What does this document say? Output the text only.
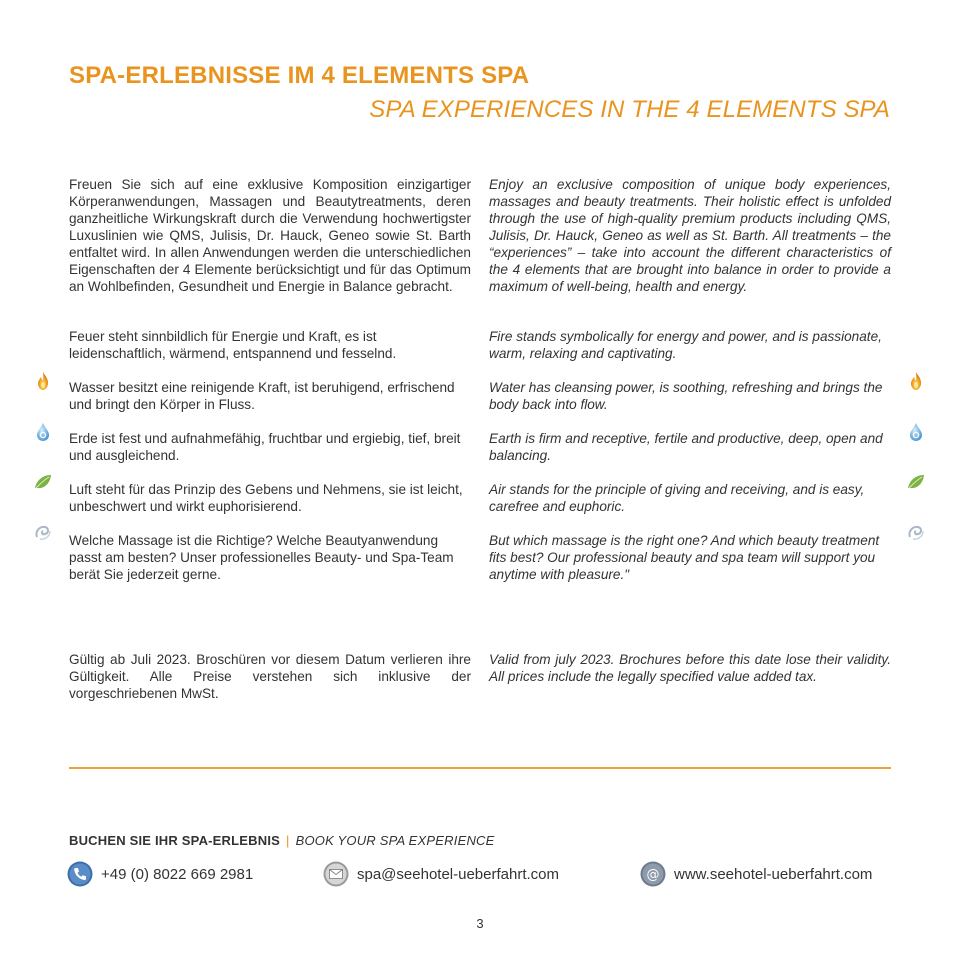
SPA-ERLEBNISSE IM 4 ELEMENTS SPA
SPA EXPERIENCES IN THE 4 ELEMENTS SPA

Freuen Sie sich auf eine exklusive Komposition einzigartiger Körperanwendungen, Massagen und Beautytreatments, deren ganzheitliche Wirkungskraft durch die Verwendung hochwertigster Luxuslinien wie QMS, Julisis, Dr. Hauck, Geneo sowie St. Barth entfaltet wird. In allen Anwendungen werden die unterschiedlichen Eigenschaften der 4 Elemente berücksichtigt und für das Optimum an Wohlbefinden, Gesundheit und Energie in Balance gebracht.

Feuer steht sinnbildlich für Energie und Kraft, es ist leidenschaftlich, wärmend, entspannend und fesselnd.

Wasser besitzt eine reinigende Kraft, ist beruhigend, erfrischend und bringt den Körper in Fluss.

Erde ist fest und aufnahmefähig, fruchtbar und ergiebig, tief, breit und ausgleichend.

Luft steht für das Prinzip des Gebens und Nehmens, sie ist leicht, unbeschwert und wirkt euphorisierend.

Welche Massage ist die Richtige? Welche Beautyanwendung passt am besten? Unser professionelles Beauty- und Spa-Team berät Sie jederzeit gerne.

Gültig ab Juli 2023. Broschüren vor diesem Datum verlieren ihre Gültigkeit. Alle Preise verstehen sich inklusive der vorgeschriebenen MwSt.

Enjoy an exclusive composition of unique body experiences, massages and beauty treatments. Their holistic effect is unfolded through the use of high-quality premium products including QMS, Julisis, Dr. Hauck, Geneo as well as St. Barth. All treatments – the “experiences” – take into account the different characteristics of the 4 elements that are brought into balance in order to provide a maximum of well-being, health and energy.

Fire stands symbolically for energy and power, and is passionate, warm, relaxing and captivating.

Water has cleansing power, is soothing, refreshing and brings the body back into flow.

Earth is firm and receptive, fertile and productive, deep, open and balancing.

Air stands for the principle of giving and receiving, and is easy, carefree and euphoric.

But which massage is the right one? And which beauty treatment fits best? Our professional beauty and spa team will support you anytime with pleasure."

Valid from july 2023. Brochures before this date lose their validity. All prices include the legally specified value added tax.

BUCHEN SIE IHR SPA-ERLEBNIS | BOOK YOUR SPA EXPERIENCE
+49 (0) 8022 669 2981	spa@seehotel-ueberfahrt.com	@ www.seehotel-ueberfahrt.com
3
